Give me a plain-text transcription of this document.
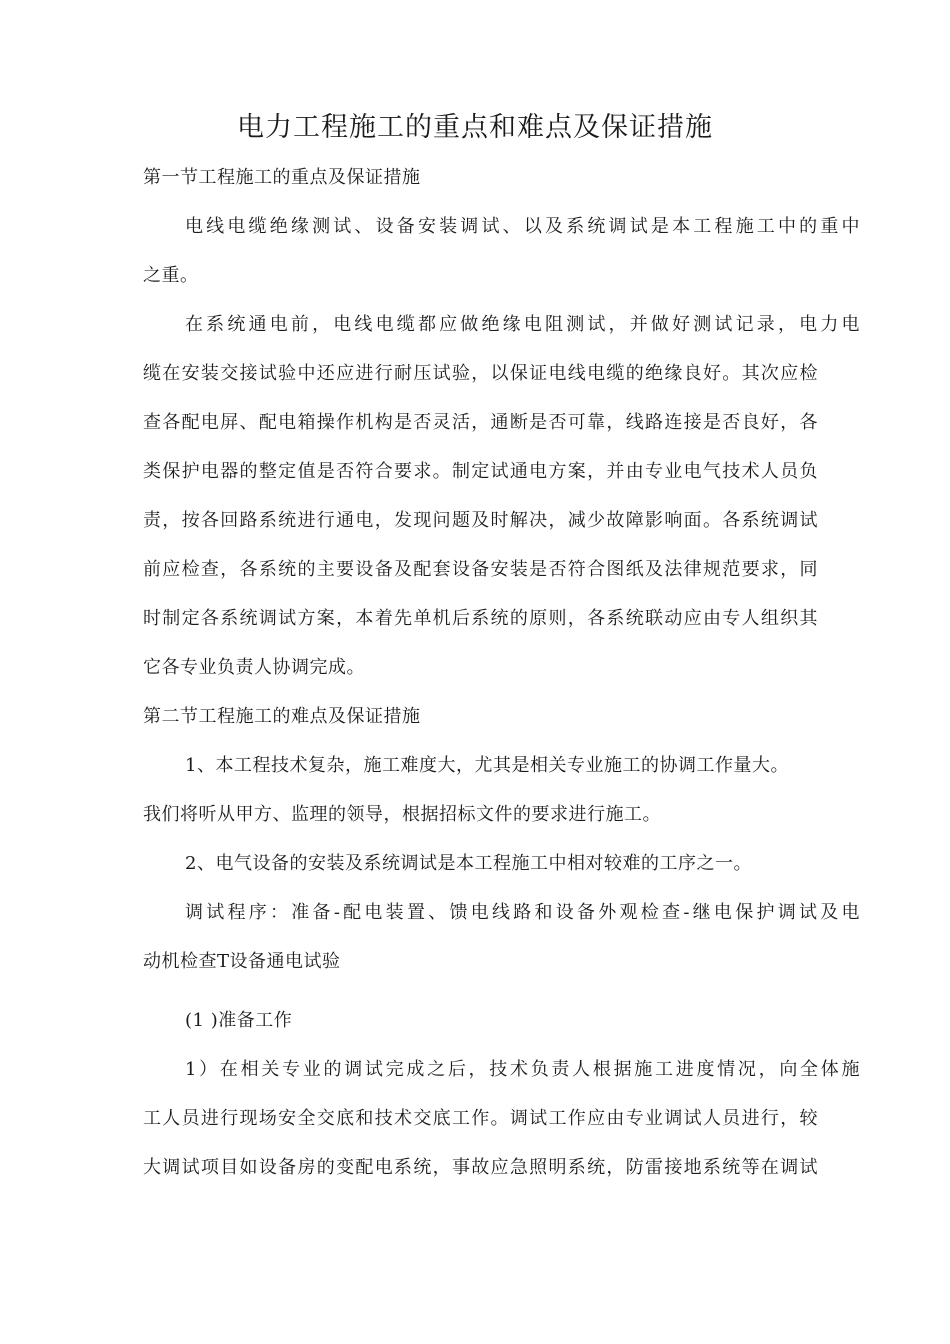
电力工程施工的重点和难点及保证措施
第一节工程施工的重点及保证措施
电线电缆绝缘测试、设备安装调试、以及系统调试是本工程施工中的重中
之重。
在系统通电前，电线电缆都应做绝缘电阻测试，并做好测试记录，电力电
缆在安装交接试验中还应进行耐压试验，以保证电线电缆的绝缘良好。其次应检
查各配电屏、配电箱操作机构是否灵活，通断是否可靠，线路连接是否良好，各
类保护电器的整定值是否符合要求。制定试通电方案，并由专业电气技术人员负
责，按各回路系统进行通电，发现问题及时解决，减少故障影响面。各系统调试
前应检查，各系统的主要设备及配套设备安装是否符合图纸及法律规范要求，同
时制定各系统调试方案，本着先单机后系统的原则，各系统联动应由专人组织其
它各专业负责人协调完成。
第二节工程施工的难点及保证措施
1、本工程技术复杂，施工难度大，尤其是相关专业施工的协调工作量大。
我们将听从甲方、监理的领导，根据招标文件的要求进行施工。
2、电气设备的安装及系统调试是本工程施工中相对较难的工序之一。
调试程序：准备-配电装置、馈电线路和设备外观检查-继电保护调试及电
动机检查T设备通电试验
(1 )准备工作
1）在相关专业的调试完成之后，技术负责人根据施工进度情况，向全体施
工人员进行现场安全交底和技术交底工作。调试工作应由专业调试人员进行，较
大调试项目如设备房的变配电系统，事故应急照明系统，防雷接地系统等在调试
